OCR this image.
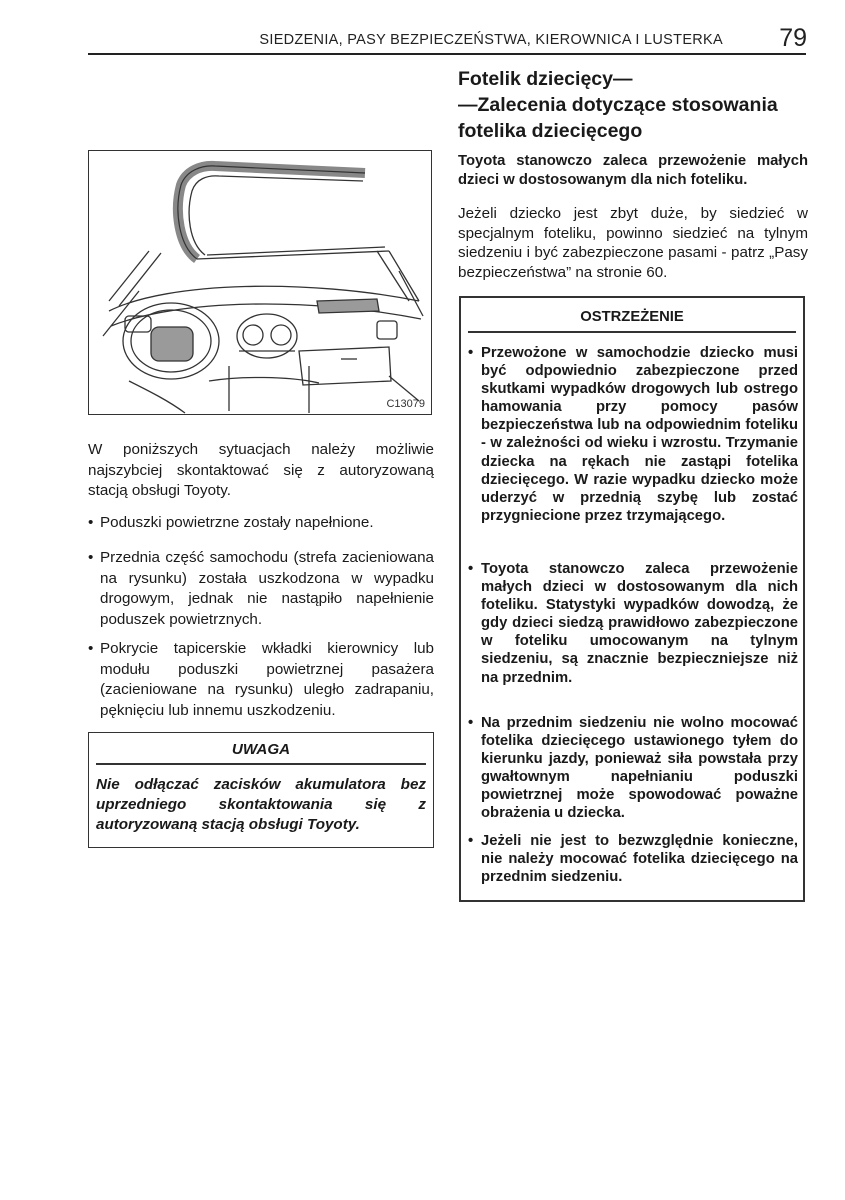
SIEDZENIA, PASY BEZPIECZEŃSTWA, KIEROWNICA I LUSTERKA 79
C13079

W poniższych sytuacjach należy możliwie najszybciej skontaktować się z autoryzowaną stacją obsługi Toyoty.

• Poduszki powietrzne zostały napełnione.

• Przednia część samochodu (strefa zacieniowana na rysunku) została uszkodzona w wypadku drogowym, jednak nie nastąpiło napełnienie poduszek powietrznych.

• Pokrycie tapicerskie wkładki kierownicy lub modułu poduszki powietrznej pasażera (zacieniowane na rysunku) uległo zadrapaniu, pęknięciu lub innemu uszkodzeniu.

UWAGA
Nie odłączać zacisków akumulatora bez uprzedniego skontaktowania się z autoryzowaną stacją obsługi Toyoty.
Fotelik dziecięcy—
—Zalecenia dotyczące stosowania
fotelika dziecięcego

Toyota stanowczo zaleca przewożenie małych dzieci w dostosowanym dla nich foteliku.

Jeżeli dziecko jest zbyt duże, by siedzieć w specjalnym foteliku, powinno siedzieć na tylnym siedzeniu i być zabezpieczone pasami - patrz „Pasy bezpieczeństwa” na stronie 60.

OSTRZEŻENIE

• Przewożone w samochodzie dziecko musi być odpowiednio zabezpieczone przed skutkami wypadków drogowych lub ostrego hamowania przy pomocy pasów bezpieczeństwa lub na odpowiednim foteliku - w zależności od wieku i wzrostu. Trzymanie dziecka na rękach nie zastąpi fotelika dziecięcego. W razie wypadku dziecko może uderzyć w przednią szybę lub zostać przygniecione przez trzymającego.

• Toyota stanowczo zaleca przewożenie małych dzieci w dostosowanym dla nich foteliku. Statystyki wypadków dowodzą, że gdy dzieci siedzą prawidłowo zabezpieczone w foteliku umocowanym na tylnym siedzeniu, są znacznie bezpieczniejsze niż na przednim.

• Na przednim siedzeniu nie wolno mocować fotelika dziecięcego ustawionego tyłem do kierunku jazdy, ponieważ siła powstała przy gwałtownym napełnianiu poduszki powietrznej może spowodować poważne obrażenia u dziecka.

• Jeżeli nie jest to bezwzględnie konieczne, nie należy mocować fotelika dziecięcego na przednim siedzeniu.
